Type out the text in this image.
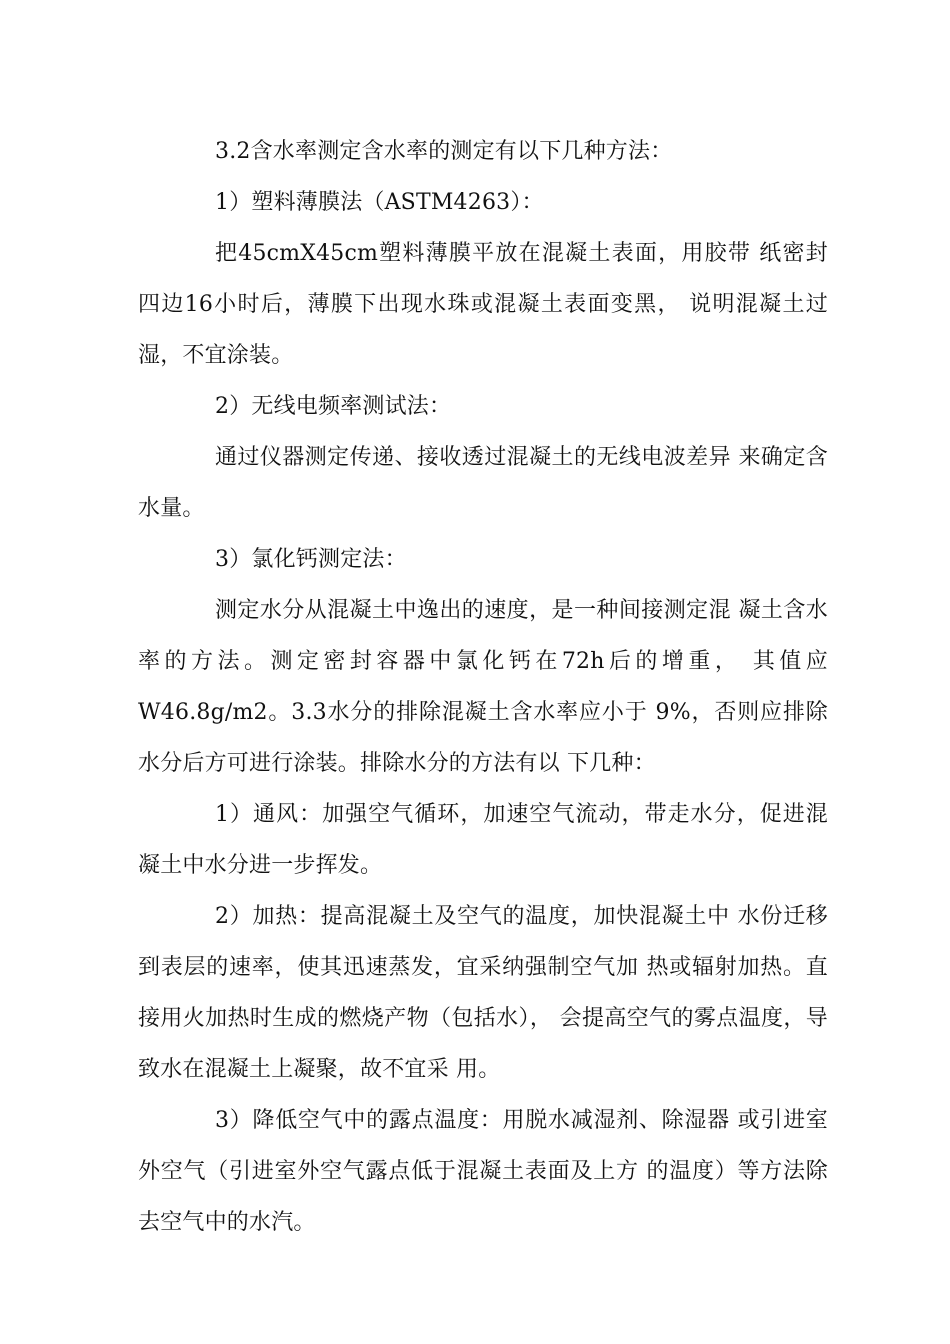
3.2含水率测定含水率的测定有以下几种方法：

1）塑料薄膜法（ASTM4263）：

把45cmX45cm塑料薄膜平放在混凝土表面，用胶带 纸密封四边16小时后，薄膜下出现水珠或混凝土表面变黑， 说明混凝土过湿，不宜涂装。

2）无线电频率测试法：

通过仪器测定传递、接收透过混凝土的无线电波差异 来确定含水量。

3）氯化钙测定法：

测定水分从混凝土中逸出的速度，是一种间接测定混 凝土含水率的方法。测定密封容器中氯化钙在72h后的增重， 其值应W46.8g/m2。3.3水分的排除混凝土含水率应小于 9%，否则应排除水分后方可进行涂装。排除水分的方法有以 下几种：

1）通风：加强空气循环，加速空气流动，带走水分，促进混凝土中水分进一步挥发。

2）加热：提高混凝土及空气的温度，加快混凝土中 水份迁移到表层的速率，使其迅速蒸发，宜采纳强制空气加 热或辐射加热。直接用火加热时生成的燃烧产物（包括水）， 会提高空气的雾点温度，导致水在混凝土上凝聚，故不宜采 用。

3）降低空气中的露点温度：用脱水减湿剂、除湿器 或引进室外空气（引进室外空气露点低于混凝土表面及上方 的温度）等方法除去空气中的水汽。
